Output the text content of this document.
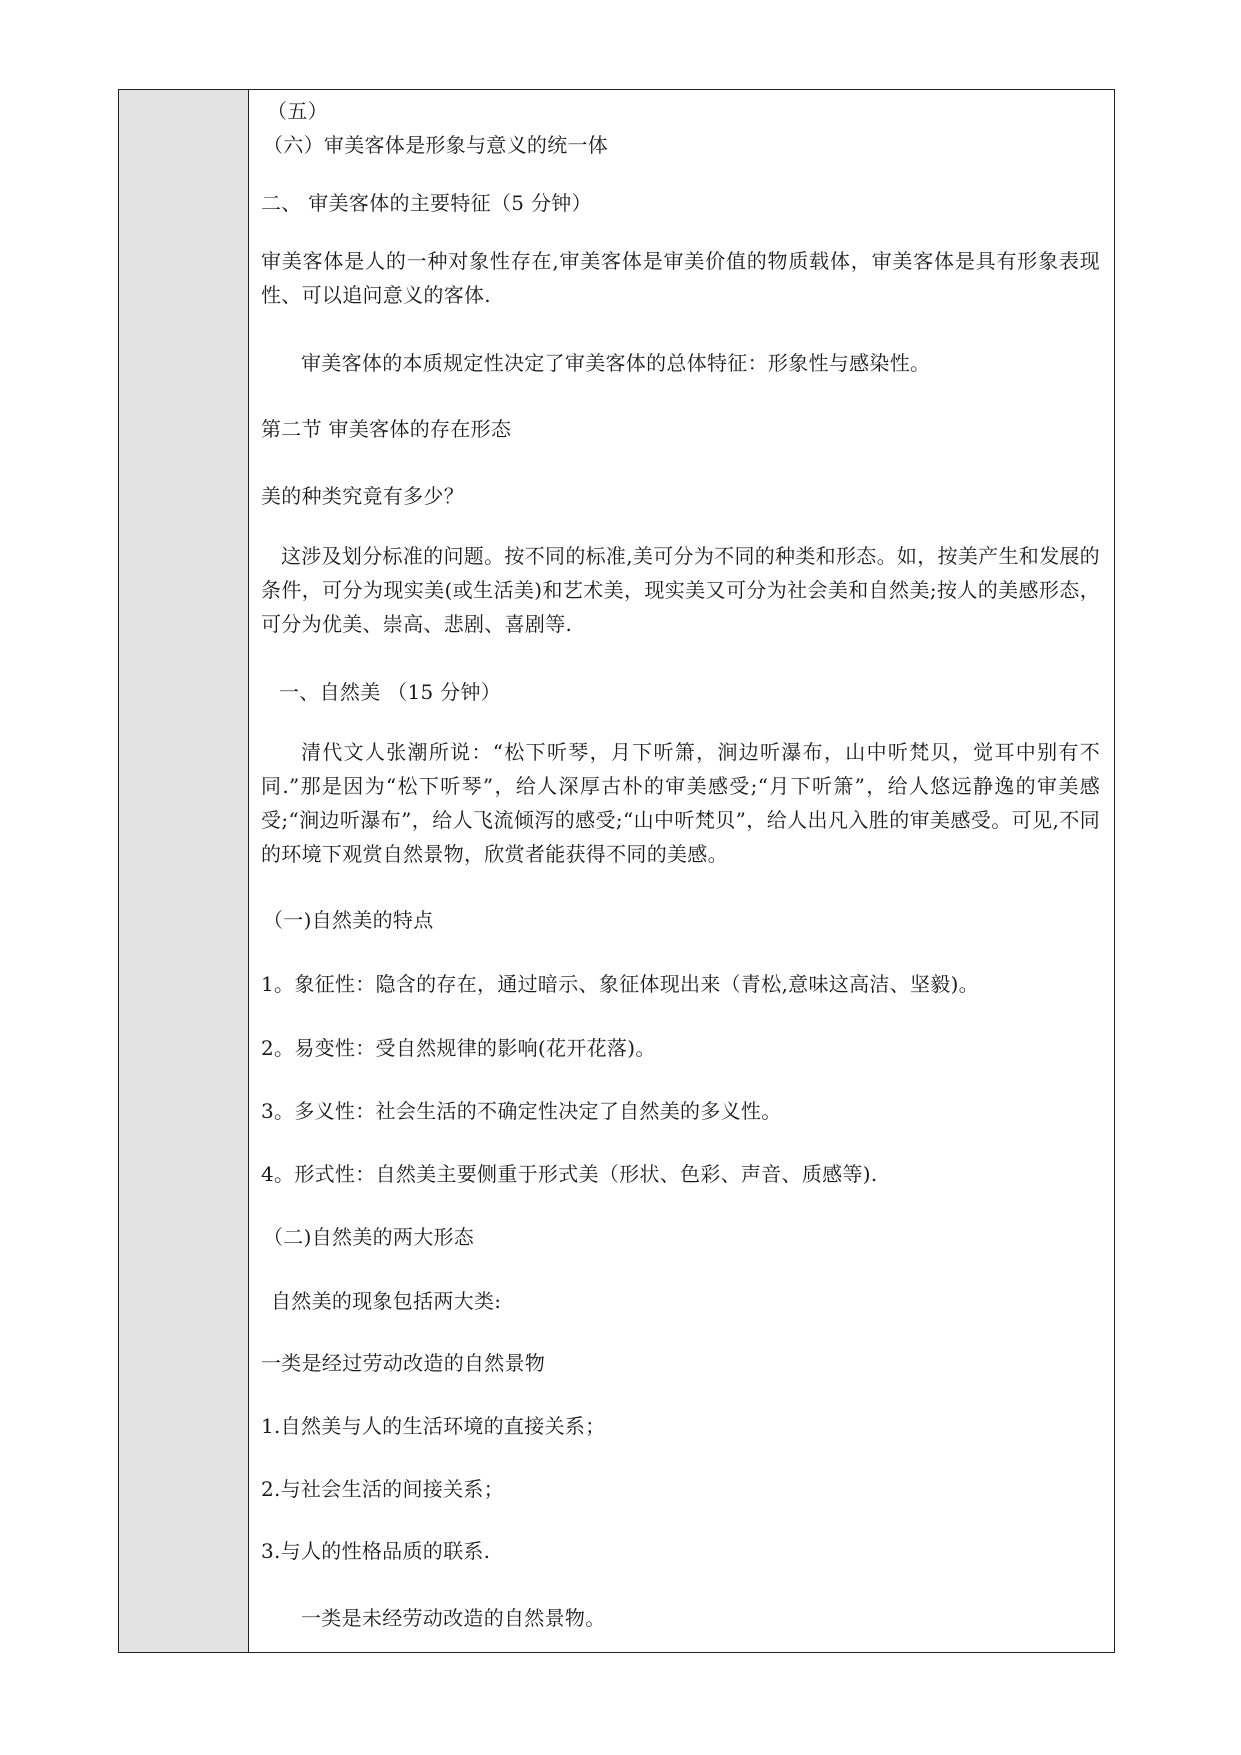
（五）
（六）审美客体是形象与意义的统一体
二、 审美客体的主要特征（5 分钟）
审美客体是人的一种对象性存在,审美客体是审美价值的物质载体，审美客体是具有形象表现性、可以追问意义的客体.
审美客体的本质规定性决定了审美客体的总体特征：形象性与感染性。
第二节 审美客体的存在形态
美的种类究竟有多少？
这涉及划分标准的问题。按不同的标准,美可分为不同的种类和形态。如，按美产生和发展的条件，可分为现实美(或生活美)和艺术美，现实美又可分为社会美和自然美;按人的美感形态，可分为优美、崇高、悲剧、喜剧等.
一、自然美 （15 分钟）
清代文人张潮所说：“松下听琴，月下听箫，涧边听瀑布，山中听梵贝，觉耳中别有不同.”那是因为“松下听琴”，给人深厚古朴的审美感受;“月下听箫”，给人悠远静逸的审美感受;“涧边听瀑布”，给人飞流倾泻的感受;“山中听梵贝”，给人出凡入胜的审美感受。可见,不同的环境下观赏自然景物，欣赏者能获得不同的美感。
（一)自然美的特点
1。象征性：隐含的存在，通过暗示、象征体现出来（青松,意味这高洁、坚毅)。
2。易变性：受自然规律的影响(花开花落)。
3。多义性：社会生活的不确定性决定了自然美的多义性。
4。形式性：自然美主要侧重于形式美（形状、色彩、声音、质感等).
（二)自然美的两大形态
自然美的现象包括两大类:
一类是经过劳动改造的自然景物
1.自然美与人的生活环境的直接关系；
2.与社会生活的间接关系；
3.与人的性格品质的联系.
一类是未经劳动改造的自然景物。
